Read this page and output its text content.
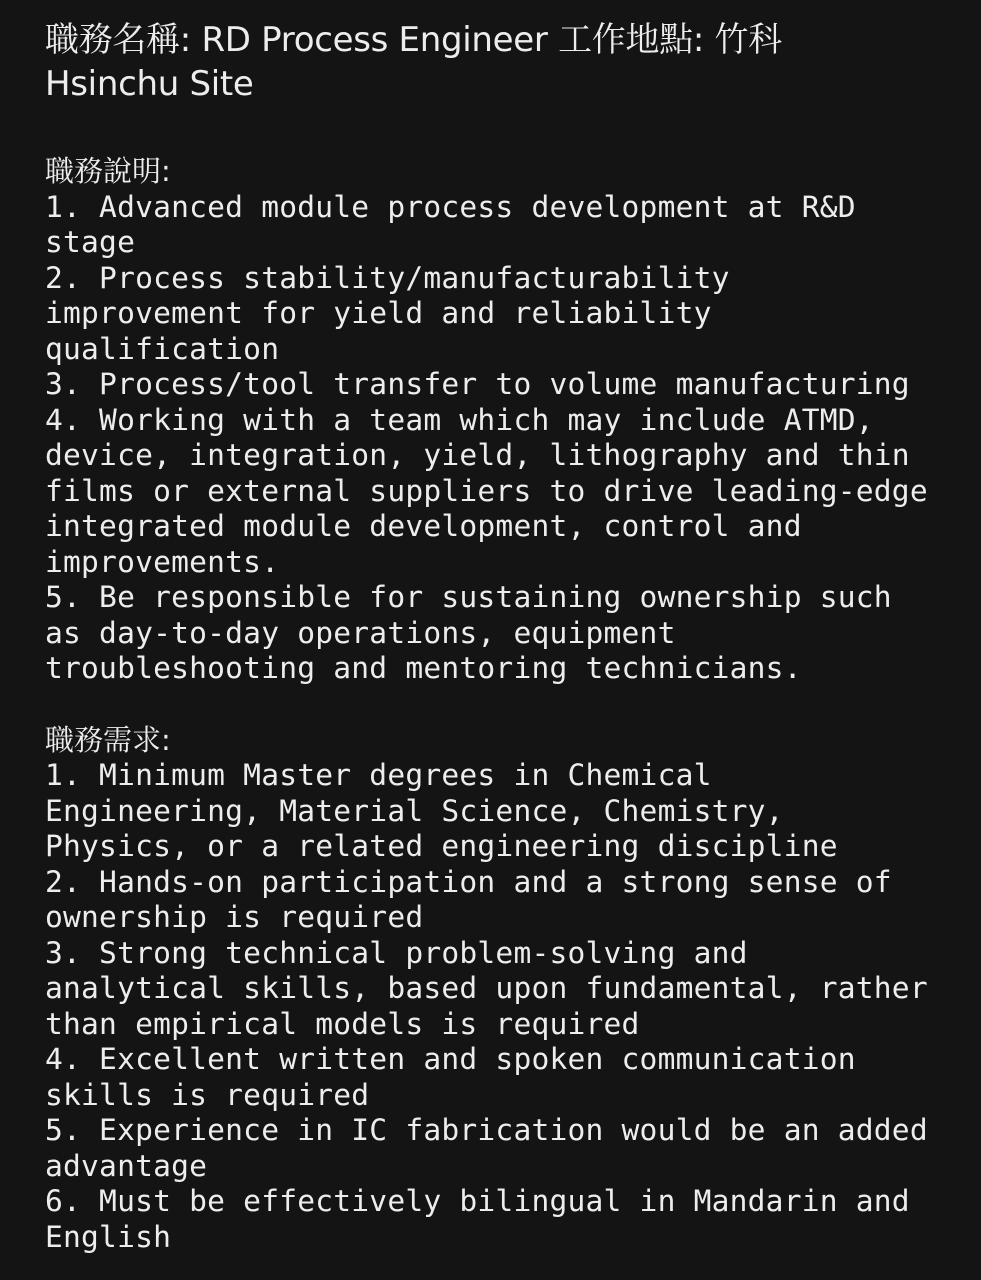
職務名稱: RD Process Engineer 工作地點: 竹科
Hsinchu Site
職務說明:
1. Advanced module process development at R&D
stage
2. Process stability/manufacturability
improvement for yield and reliability
qualification
3. Process/tool transfer to volume manufacturing
4. Working with a team which may include ATMD,
device, integration, yield, lithography and thin
films or external suppliers to drive leading-edge
integrated module development, control and
improvements.
5. Be responsible for sustaining ownership such
as day-to-day operations, equipment
troubleshooting and mentoring technicians.
職務需求:
1. Minimum Master degrees in Chemical
Engineering, Material Science, Chemistry,
Physics, or a related engineering discipline
2. Hands-on participation and a strong sense of
ownership is required
3. Strong technical problem-solving and
analytical skills, based upon fundamental, rather
than empirical models is required
4. Excellent written and spoken communication
skills is required
5. Experience in IC fabrication would be an added
advantage
6. Must be effectively bilingual in Mandarin and
English
